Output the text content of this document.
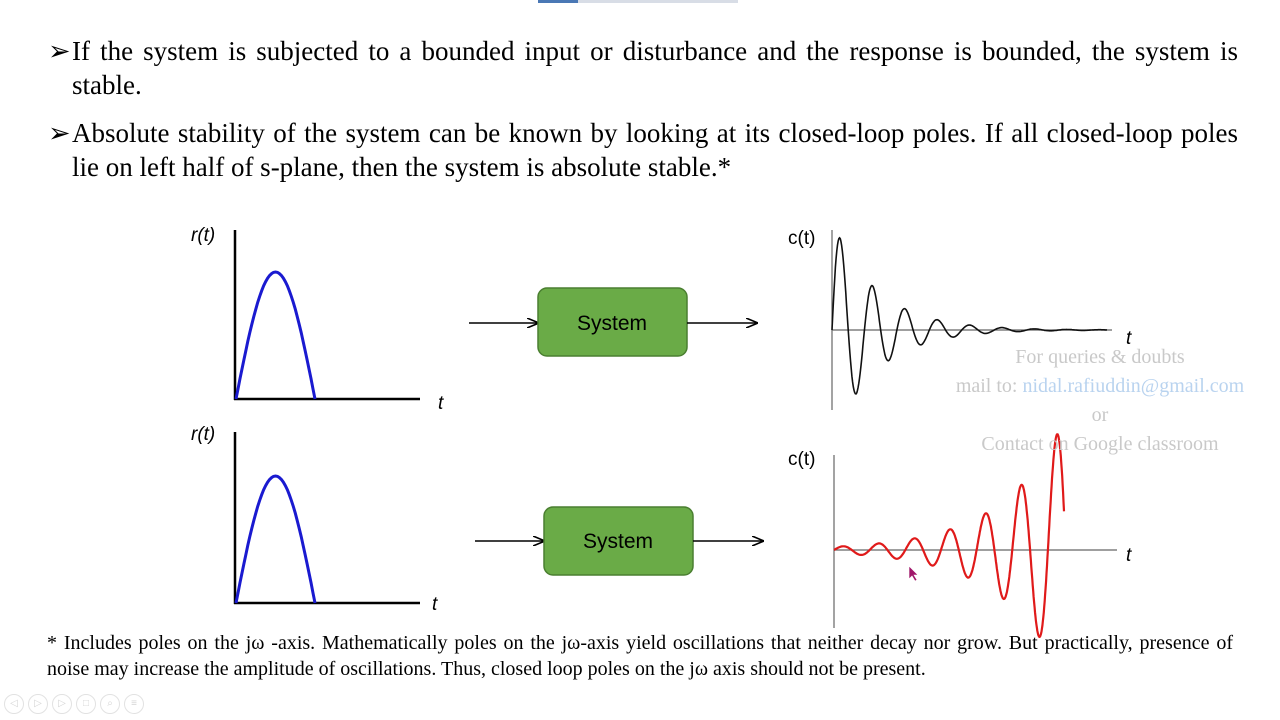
➢ If the system is subjected to a bounded input or disturbance and the response is bounded, the system is stable.
➢ Absolute stability of the system can be known by looking at its closed-loop poles. If all closed-loop poles lie on left half of s-plane, then the system is absolute stable.*
r(t)
t
System
c(t)
t
r(t)
t
System
c(t)
t
For queries & doubts
mail to: nidal.rafiuddin@gmail.com
or
Contact on Google classroom
* Includes poles on the jω -axis. Mathematically poles on the jω-axis yield oscillations that neither decay nor grow. But practically, presence of noise may increase the amplitude of oscillations. Thus, closed loop poles on the jω axis should not be present.
◁ ▷ ▷ □ ⌕ ≡
